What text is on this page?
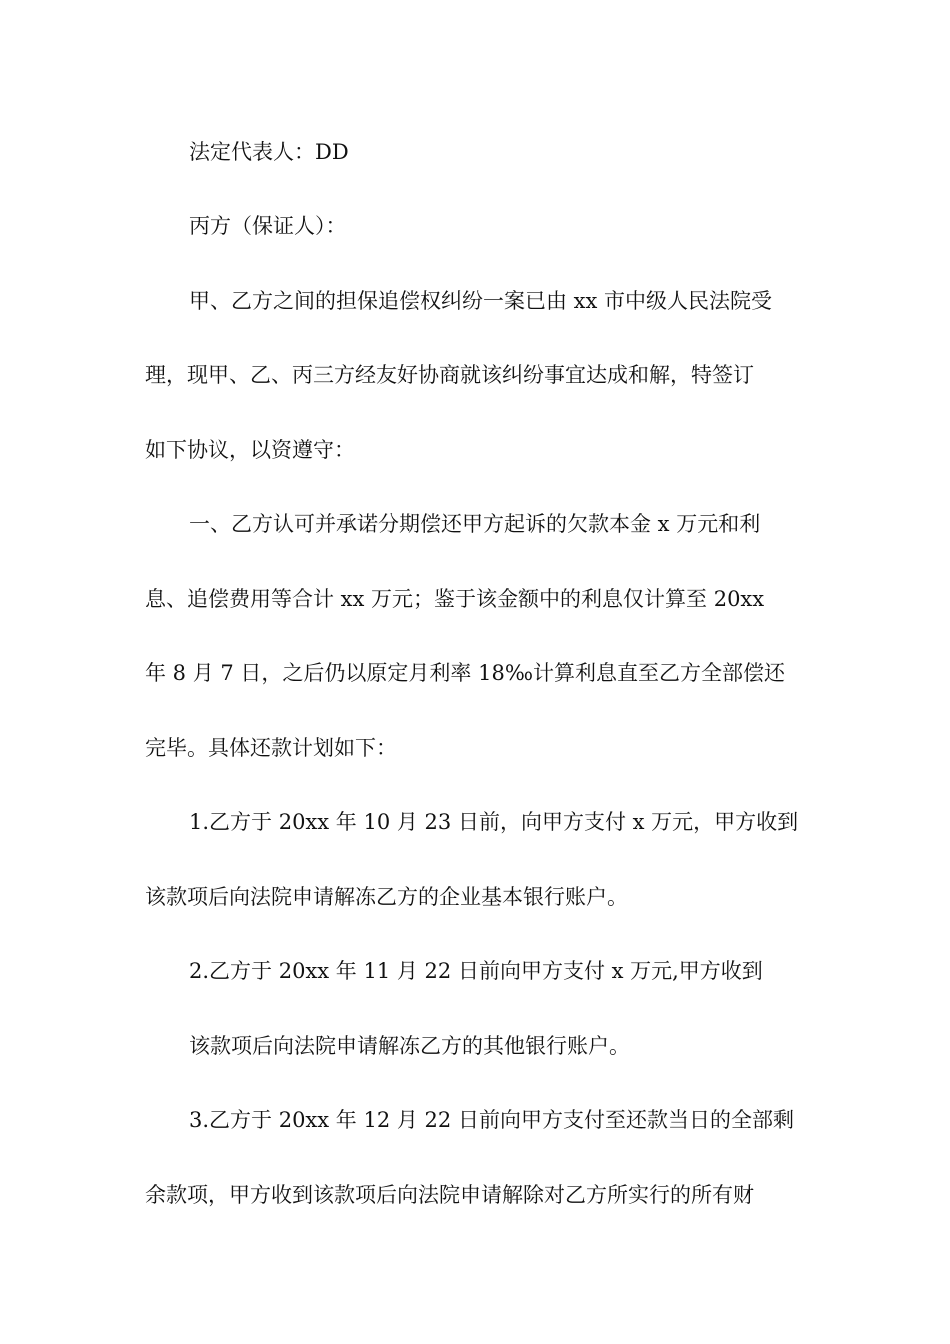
法定代表人：DD
丙方（保证人）：
甲、乙方之间的担保追偿权纠纷一案已由 xx 市中级人民法院受
理，现甲、乙、丙三方经友好协商就该纠纷事宜达成和解，特签订
如下协议，以资遵守：
一、乙方认可并承诺分期偿还甲方起诉的欠款本金 x 万元和利
息、追偿费用等合计 xx 万元；鉴于该金额中的利息仅计算至 20xx
年 8 月 7 日，之后仍以原定月利率 18‰计算利息直至乙方全部偿还
完毕。具体还款计划如下：
1.乙方于 20xx 年 10 月 23 日前，向甲方支付 x 万元，甲方收到
该款项后向法院申请解冻乙方的企业基本银行账户。
2.乙方于 20xx 年 11 月 22 日前向甲方支付 x 万元,甲方收到
该款项后向法院申请解冻乙方的其他银行账户。
3.乙方于 20xx 年 12 月 22 日前向甲方支付至还款当日的全部剩
余款项，甲方收到该款项后向法院申请解除对乙方所实行的所有财
